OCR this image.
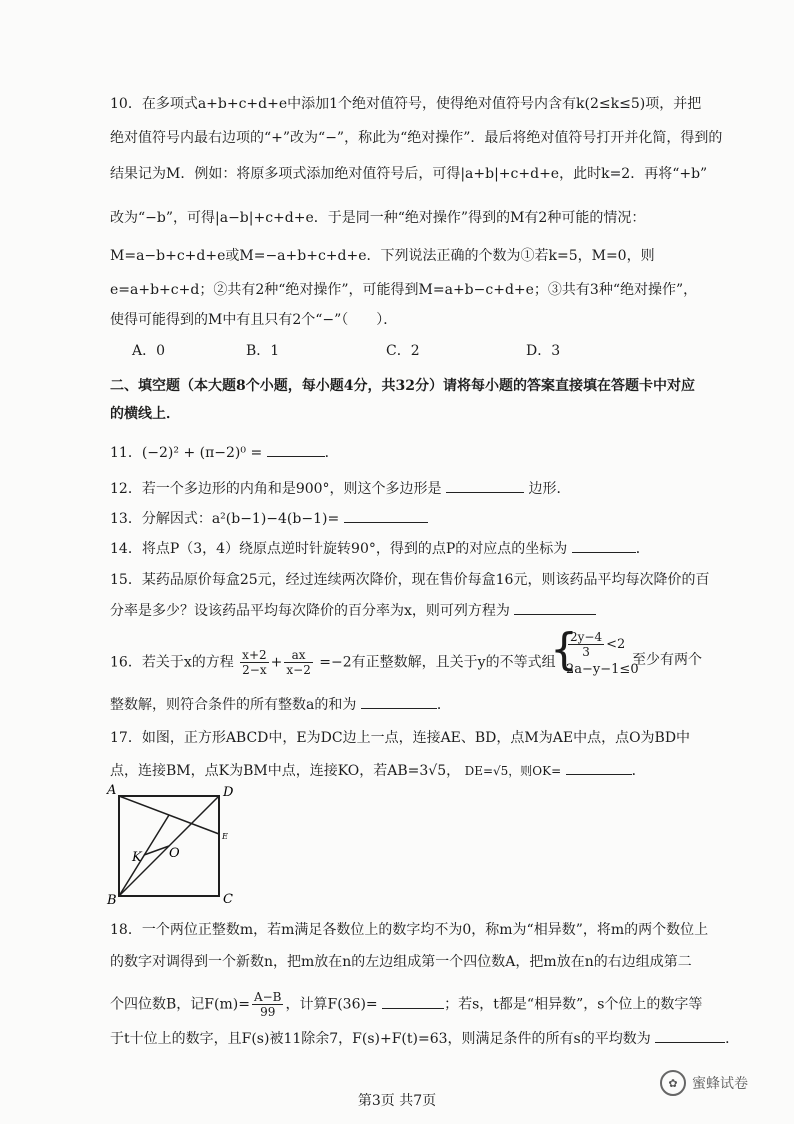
10．在多项式a+b+c+d+e中添加1个绝对值符号，使得绝对值符号内含有k(2≤k≤5)项，并把
绝对值符号内最右边项的“+”改为“−”，称此为“绝对操作”．最后将绝对值符号打开并化简，得到的
结果记为M．例如：将原多项式添加绝对值符号后，可得|a+b|+c+d+e，此时k=2．再将“+b”
改为“−b”，可得|a−b|+c+d+e．于是同一种“绝对操作”得到的M有2种可能的情况：
M=a−b+c+d+e或M=−a+b+c+d+e．下列说法正确的个数为①若k=5，M=0，则
e=a+b+c+d；②共有2种“绝对操作”，可能得到M=a+b−c+d+e；③共有3种“绝对操作”，
使得可能得到的M中有且只有2个“−”（　　）．
A．0	B．1	C．2	D．3
二、填空题（本大题8个小题，每小题4分，共32分）请将每小题的答案直接填在答题卡中对应
的横线上．
11．(−2)² + (π−2)⁰ =	．
12．若一个多边形的内角和是900°，则这个多边形是	边形．
13．分解因式：a²(b−1)−4(b−1)=
14．将点P（3，4）绕原点逆时针旋转90°，得到的点P的对应点的坐标为	．
15．某药品原价每盒25元，经过连续两次降价，现在售价每盒16元，则该药品平均每次降价的百
分率是多少？设该药品平均每次降价的百分率为x，则可列方程为
16．若关于x的方程 $\frac{x+2}{2-x} + \frac{ax}{x-2} =-2$有正整数解，且关于y的不等式组
{
$\frac{2y-4}{3} <2$
2a−y−1≤0
至少有两个
整数解，则符合条件的所有整数a的和为	．
17．如图，正方形ABCD中，E为DC边上一点，连接AE、BD，点M为AE中点，点O为BD中
点，连接BM，点K为BM中点，连接KO，若AB=3√5， DE=√5，则OK=	．
A	D
B	C
E
K O
18．一个两位正整数m，若m满足各数位上的数字均不为0，称m为“相异数”，将m的两个数位上
的数字对调得到一个新数n，把m放在n的左边组成第一个四位数A，把m放在n的右边组成第二
个四位数B，记$F(m)= \frac{A-B}{99}$ ，计算F(36)=	；若s，t都是“相异数”，s个位上的数字等
于t十位上的数字，且F(s)被11除余7，F(s)+F(t)=63，则满足条件的所有s的平均数为	．
✿	蜜蜂试卷
第3页 共7页
